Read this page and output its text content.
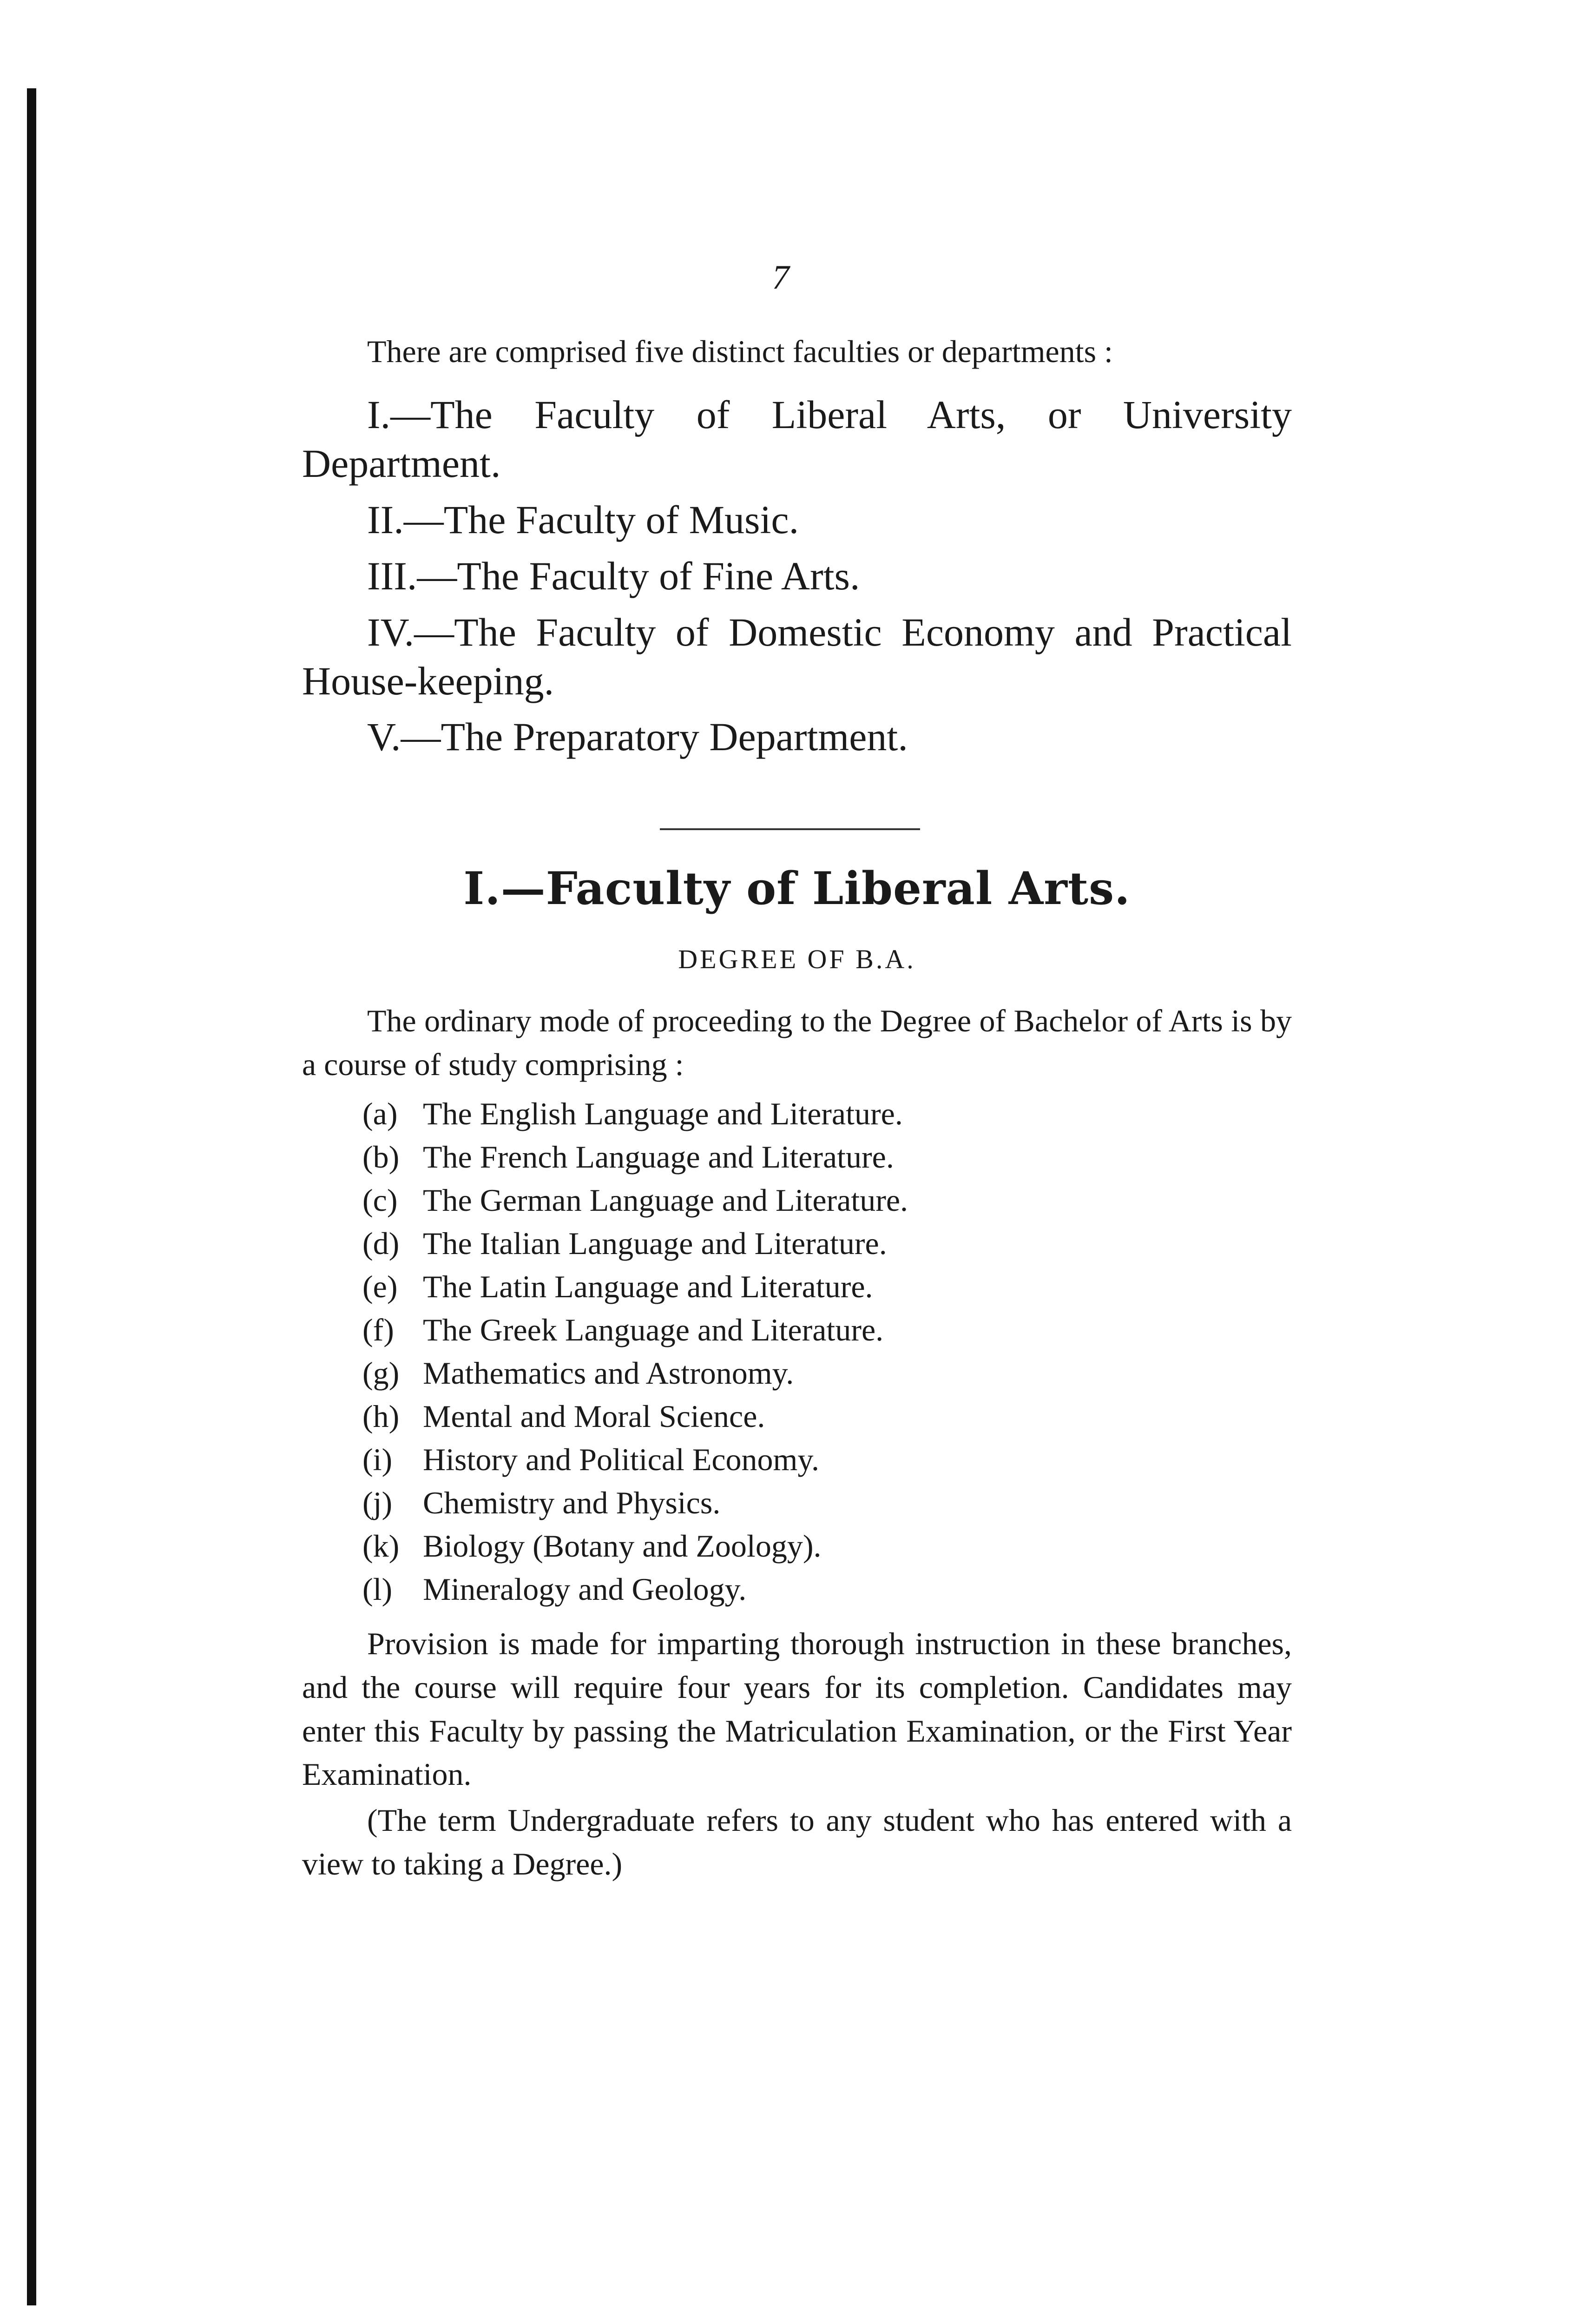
7
There are comprised five distinct faculties or departments :

I.—The Faculty of Liberal Arts, or University Department.

II.—The Faculty of Music.

III.—The Faculty of Fine Arts.

IV.—The Faculty of Domestic Economy and Practical House-keeping.

V.—The Preparatory Department.

I.—Faculty of Liberal Arts.
DEGREE OF B.A.

The ordinary mode of proceeding to the Degree of Bachelor of Arts is by a course of study comprising :

(a) The English Language and Literature.
(b) The French Language and Literature.
(c) The German Language and Literature.
(d) The Italian Language and Literature.
(e) The Latin Language and Literature.
(f) The Greek Language and Literature.
(g) Mathematics and Astronomy.
(h) Mental and Moral Science.
(i) History and Political Economy.
(j) Chemistry and Physics.
(k) Biology (Botany and Zoology).
(l) Mineralogy and Geology.

Provision is made for imparting thorough instruction in these branches, and the course will require four years for its completion. Candidates may enter this Faculty by passing the Matriculation Examination, or the First Year Examination.

(The term Undergraduate refers to any student who has entered with a view to taking a Degree.)
